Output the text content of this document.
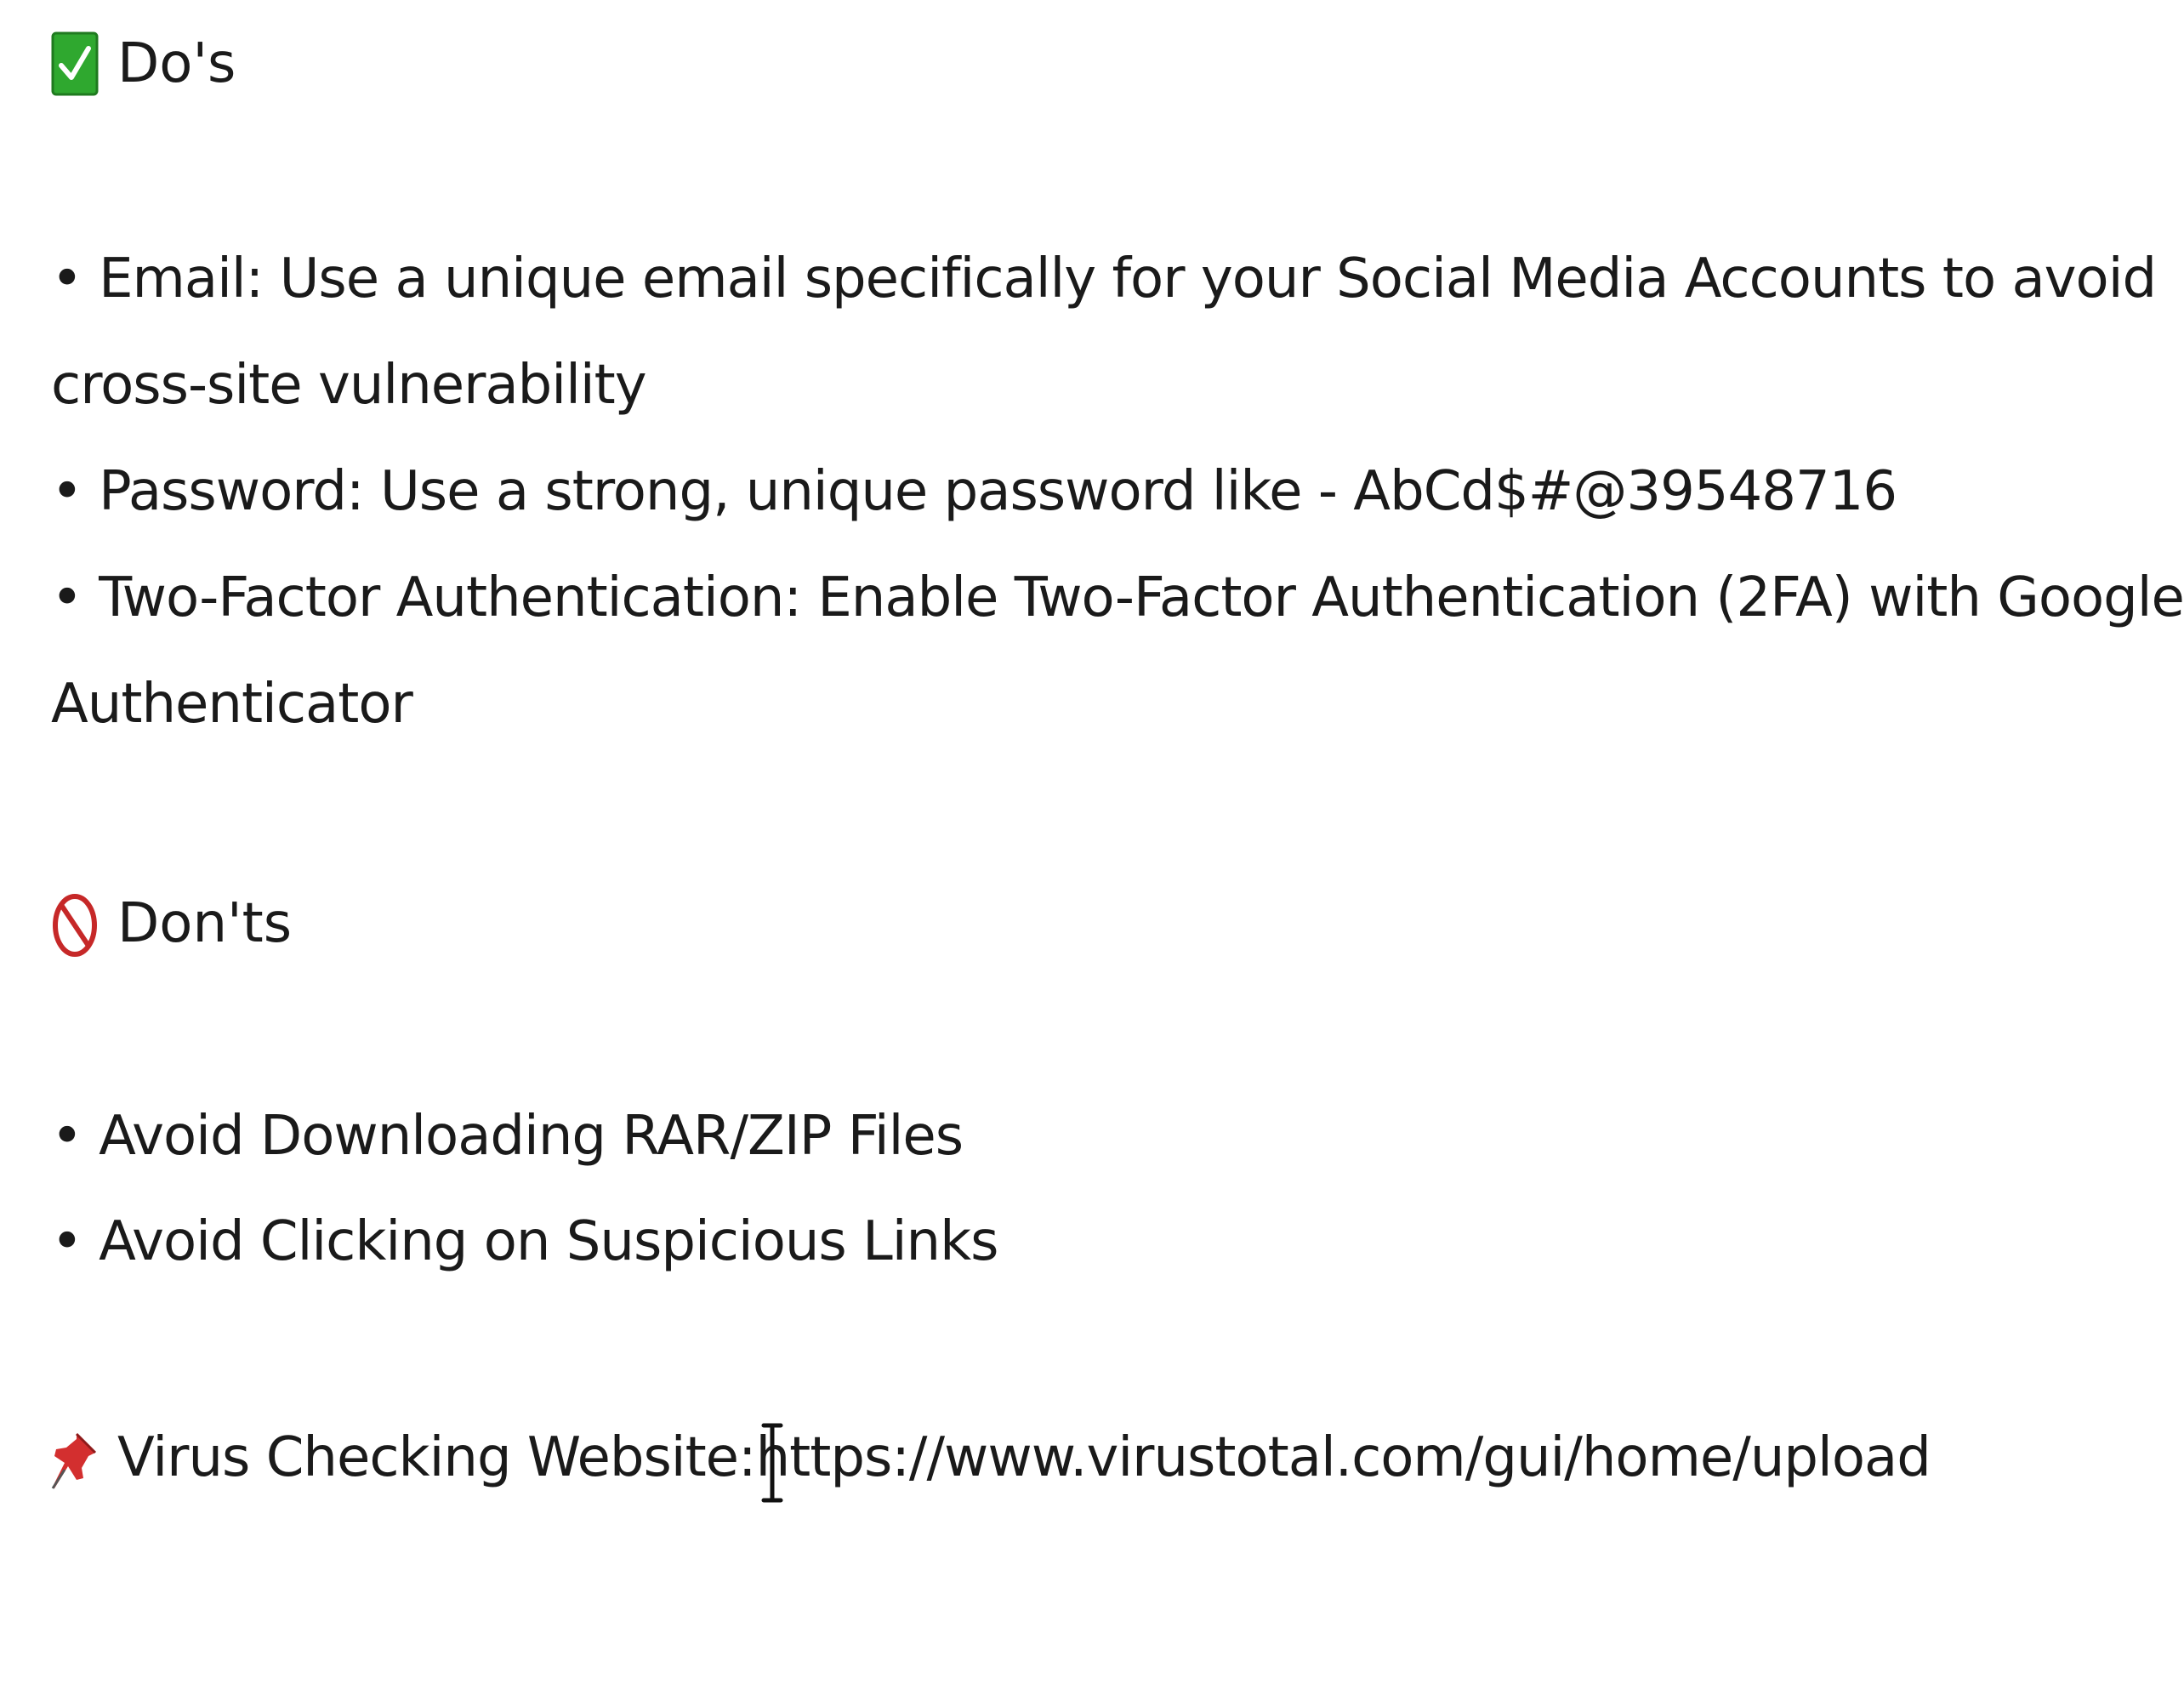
Do's
• Email: Use a unique email specifically for your Social Media Accounts to avoid
cross-site vulnerability
• Password: Use a strong, unique password like - AbCd$#@39548716
• Two-Factor Authentication: Enable Two-Factor Authentication (2FA) with Google
Authenticator
Don'ts
• Avoid Downloading RAR/ZIP Files
• Avoid Clicking on Suspicious Links
Virus Checking Website: https://www.virustotal.com/gui/home/upload
